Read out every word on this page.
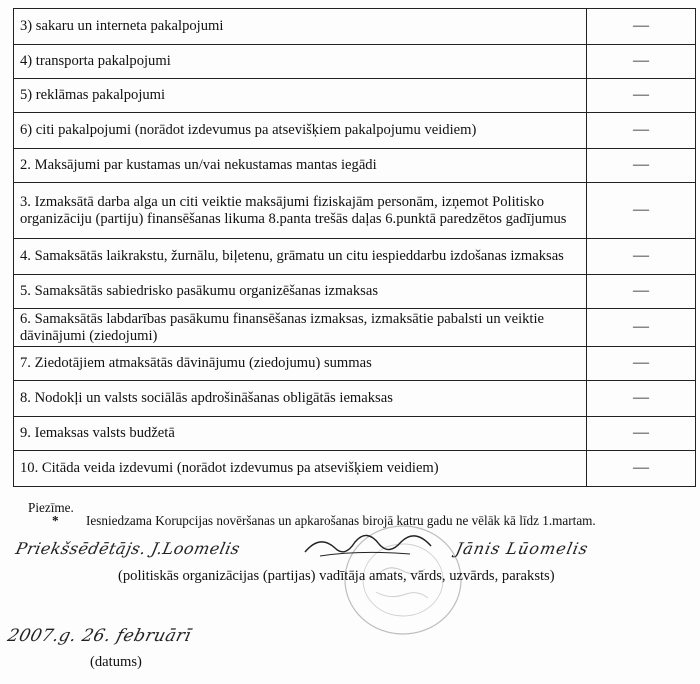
3) sakaru un interneta pakalpojumi	—
4) transporta pakalpojumi	—
5) reklāmas pakalpojumi	—
6) citi pakalpojumi (norādot izdevumus pa atsevišķiem pakalpojumu veidiem)	—
2. Maksājumi par kustamas un/vai nekustamas mantas iegādi	—
3. Izmaksātā darba alga un citi veiktie maksājumi fiziskajām personām, izņemot Politisko organizāciju (partiju) finansēšanas likuma 8.panta trešās daļas 6.punktā paredzētos gadījumus	—
4. Samaksātās laikrakstu, žurnālu, biļetenu, grāmatu un citu iespieddarbu izdošanas izmaksas	—
5. Samaksātās sabiedrisko pasākumu organizēšanas izmaksas	—
6. Samaksātās labdarības pasākumu finansēšanas izmaksas, izmaksātie pabalsti un veiktie dāvinājumi (ziedojumi)	—
7. Ziedotājiem atmaksātās dāvinājumu (ziedojumu) summas	—
8. Nodokļi un valsts sociālās apdrošināšanas obligātās iemaksas	—
9. Iemaksas valsts budžetā	—
10. Citāda veida izdevumi (norādot izdevumus pa atsevišķiem veidiem)	—
Piezīme.
* Iesniedzama Korupcijas novēršanas un apkarošanas birojā katru gadu ne vēlāk kā līdz 1.martam.
Priekšsēdētājs. J.Loomelis	Jānis Lūomelis
(politiskās organizācijas (partijas) vadītāja amats, vārds, uzvārds, paraksts)
2007.g. 26. februārī
(datums)
